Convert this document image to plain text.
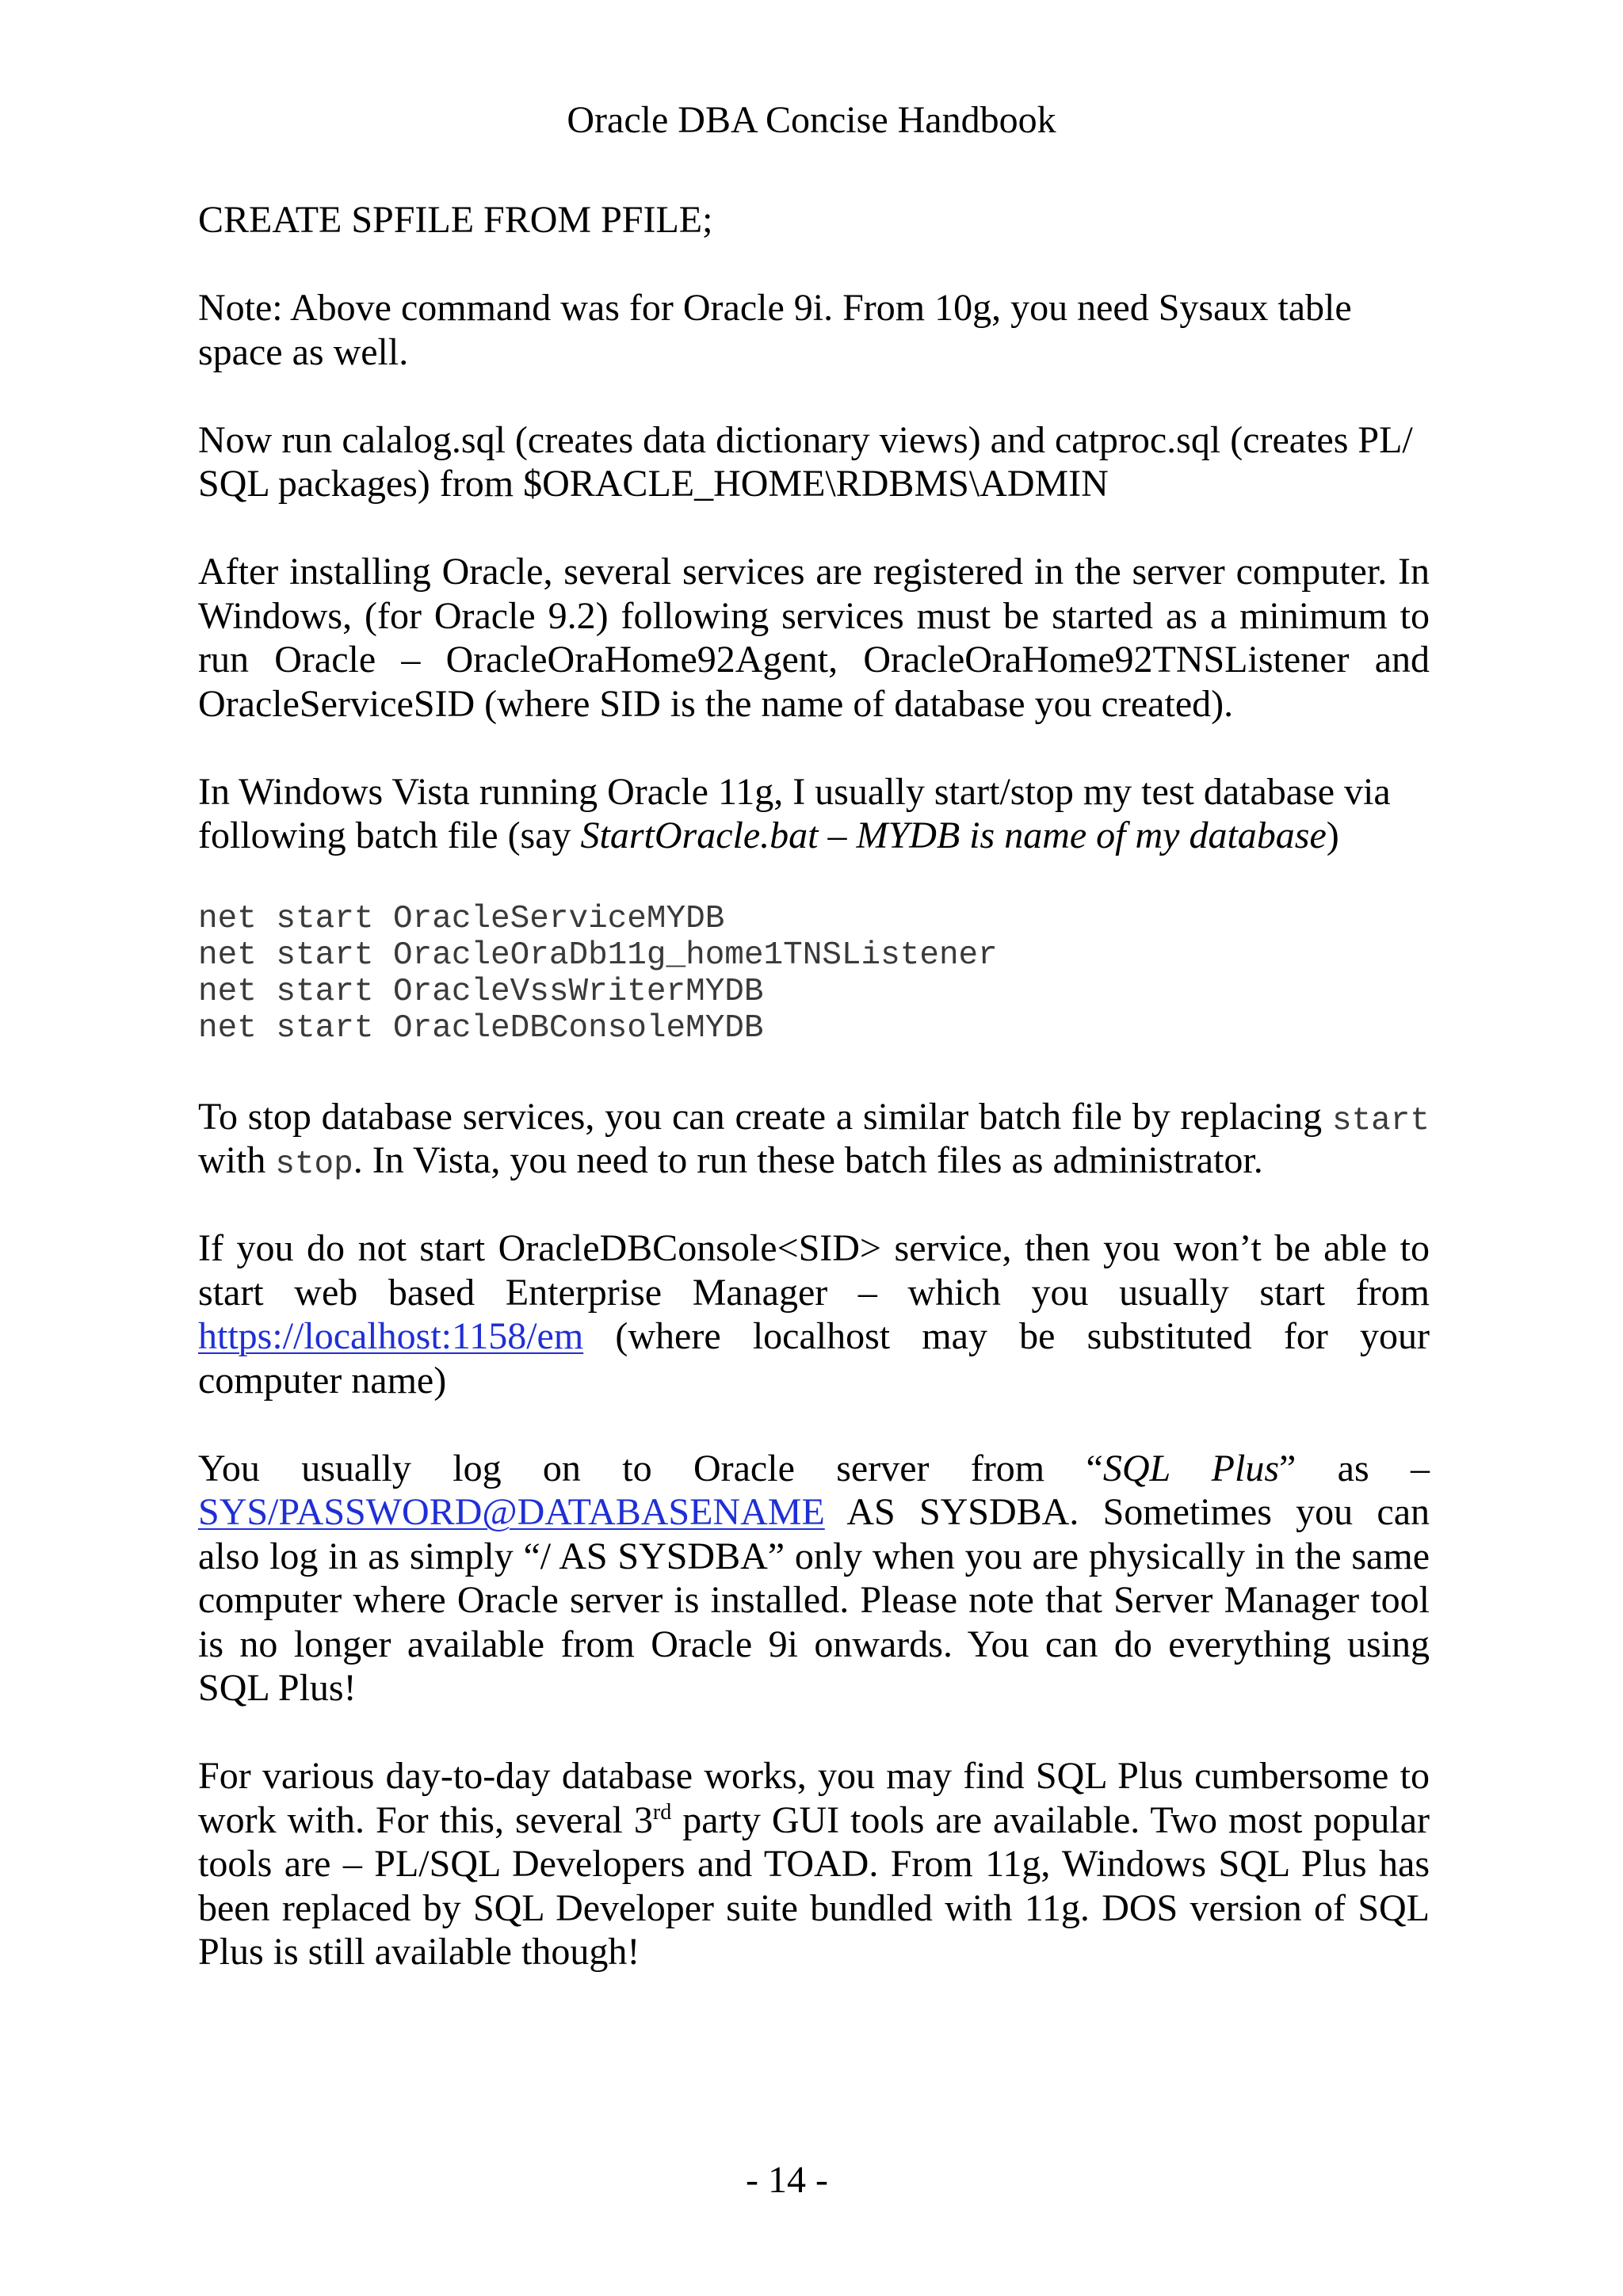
Oracle DBA Concise Handbook
CREATE SPFILE FROM PFILE;
Note: Above command was for Oracle 9i. From 10g, you need Sysaux table
space as well.
Now run calalog.sql (creates data dictionary views) and catproc.sql (creates PL/
SQL packages) from $ORACLE_HOME\RDBMS\ADMIN
After installing Oracle, several services are registered in the server computer. In
Windows, (for Oracle 9.2) following services must be started as a minimum to
run Oracle – OracleOraHome92Agent, OracleOraHome92TNSListener and
OracleServiceSID (where SID is the name of database you created).
In Windows Vista running Oracle 11g, I usually start/stop my test database via
following batch file (say StartOracle.bat – MYDB is name of my database)
net start OracleServiceMYDB
net start OracleOraDb11g_home1TNSListener
net start OracleVssWriterMYDB
net start OracleDBConsoleMYDB
To stop database services, you can create a similar batch file by replacing start
with stop. In Vista, you need to run these batch files as administrator.
If you do not start OracleDBConsole<SID> service, then you won’t be able to
start web based Enterprise Manager – which you usually start from
https://localhost:1158/em (where localhost may be substituted for your
computer name)
You usually log on to Oracle server from “SQL Plus” as –
SYS/PASSWORD@DATABASENAME AS SYSDBA. Sometimes you can
also log in as simply “/ AS SYSDBA” only when you are physically in the same
computer where Oracle server is installed. Please note that Server Manager tool
is no longer available from Oracle 9i onwards. You can do everything using
SQL Plus!
For various day-to-day database works, you may find SQL Plus cumbersome to
work with. For this, several 3rd party GUI tools are available. Two most popular
tools are – PL/SQL Developers and TOAD. From 11g, Windows SQL Plus has
been replaced by SQL Developer suite bundled with 11g. DOS version of SQL
Plus is still available though!
- 14 -
